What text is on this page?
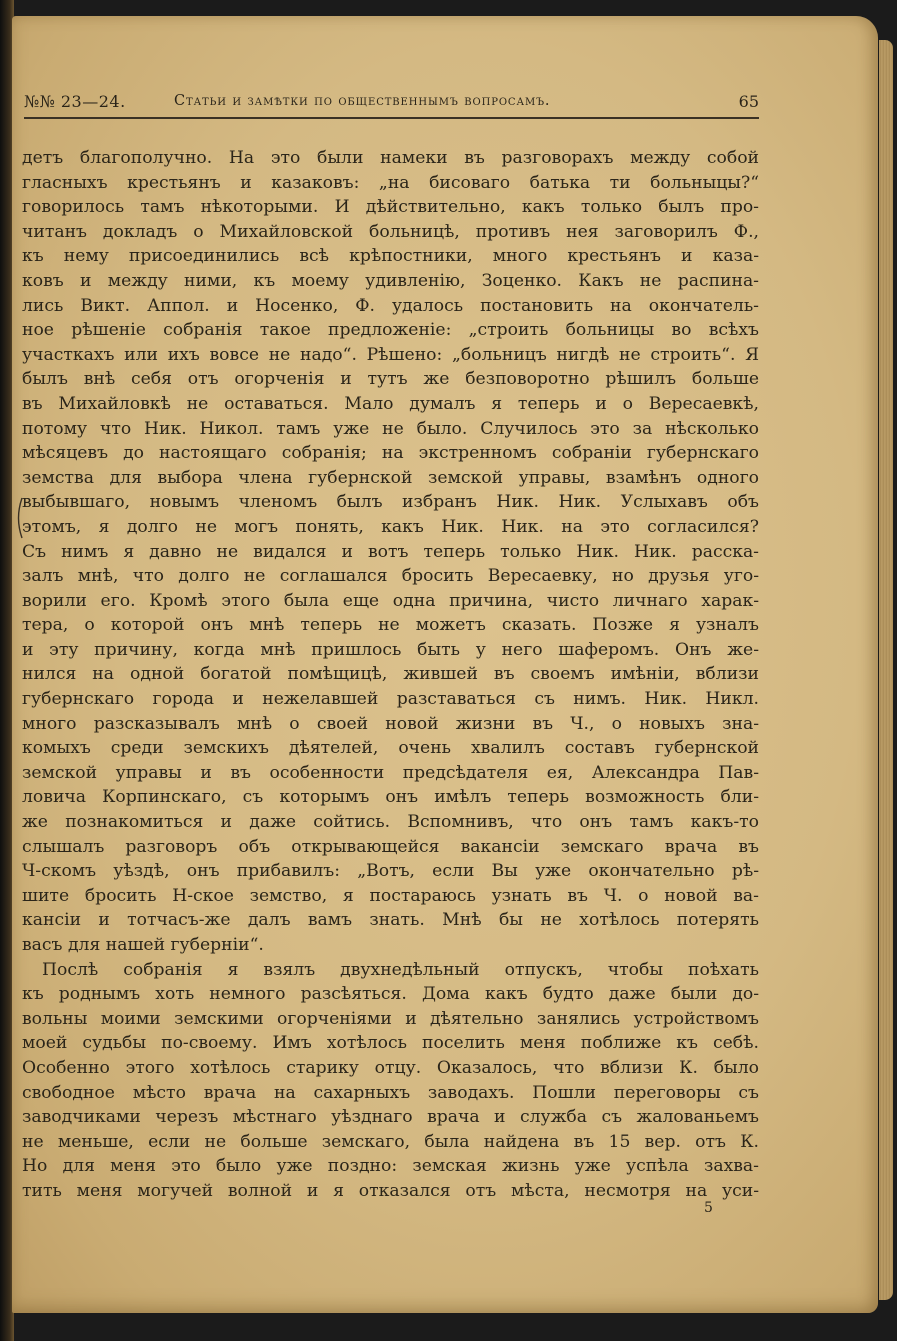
№№ 23—24.	Статьи и замѣтки по общественнымъ вопросамъ.	65
детъ благополучно. На это были намеки въ разговорахъ между собой
гласныхъ крестьянъ и казаковъ: „на бисоваго батька ти больныцы?“
говорилось тамъ нѣкоторыми. И дѣйствительно, какъ только былъ про-
читанъ докладъ о Михайловской больницѣ, противъ нея заговорилъ Ф.,
къ нему присоединились всѣ крѣпостники, много крестьянъ и каза-
ковъ и между ними, къ моему удивленію, Зоценко. Какъ не распина-
лись Викт. Аппол. и Носенко, Ф. удалось постановить на окончатель-
ное рѣшеніе собранія такое предложеніе: „строить больницы во всѣхъ
участкахъ или ихъ вовсе не надо“. Рѣшено: „больницъ нигдѣ не строить“. Я
былъ внѣ себя отъ огорченія и тутъ же безповоротно рѣшилъ больше
въ Михайловкѣ не оставаться. Мало думалъ я теперь и о Вересаевкѣ,
потому что Ник. Никол. тамъ уже не было. Случилось это за нѣсколько
мѣсяцевъ до настоящаго собранія; на экстренномъ собраніи губернскаго
земства для выбора члена губернской земской управы, взамѣнъ одного
выбывшаго, новымъ членомъ былъ избранъ Ник. Ник. Услыхавъ объ
этомъ, я долго не могъ понять, какъ Ник. Ник. на это согласился?
Съ нимъ я давно не видался и вотъ теперь только Ник. Ник. расска-
залъ мнѣ, что долго не соглашался бросить Вересаевку, но друзья уго-
ворили его. Кромѣ этого была еще одна причина, чисто личнаго харак-
тера, о которой онъ мнѣ теперь не можетъ сказать. Позже я узналъ
и эту причину, когда мнѣ пришлось быть у него шаферомъ. Онъ же-
нился на одной богатой помѣщицѣ, жившей въ своемъ имѣніи, вблизи
губернскаго города и нежелавшей разставаться съ нимъ. Ник. Никл.
много разсказывалъ мнѣ о своей новой жизни въ Ч., о новыхъ зна-
комыхъ среди земскихъ дѣятелей, очень хвалилъ составъ губернской
земской управы и въ особенности предсѣдателя ея, Александра Пав-
ловича Корпинскаго, съ которымъ онъ имѣлъ теперь возможность бли-
же познакомиться и даже сойтись. Вспомнивъ, что онъ тамъ какъ-то
слышалъ разговоръ объ открывающейся вакансіи земскаго врача въ
Ч-скомъ уѣздѣ, онъ прибавилъ: „Вотъ, если Вы уже окончательно рѣ-
шите бросить Н-ское земство, я постараюсь узнать въ Ч. о новой ва-
кансіи и тотчасъ-же далъ вамъ знать. Мнѣ бы не хотѣлось потерять
васъ для нашей губерніи“.
Послѣ собранія я взялъ двухнедѣльный отпускъ, чтобы поѣхать
къ роднымъ хоть немного разсѣяться. Дома какъ будто даже были до-
вольны моими земскими огорченіями и дѣятельно занялись устройствомъ
моей судьбы по-своему. Имъ хотѣлось поселить меня поближе къ себѣ.
Особенно этого хотѣлось старику отцу. Оказалось, что вблизи К. было
свободное мѣсто врача на сахарныхъ заводахъ. Пошли переговоры съ
заводчиками черезъ мѣстнаго уѣзднаго врача и служба съ жалованьемъ
не меньше, если не больше земскаго, была найдена въ 15 вер. отъ К.
Но для меня это было уже поздно: земская жизнь уже успѣла захва-
тить меня могучей волной и я отказался отъ мѣста, несмотря на уси-
5
